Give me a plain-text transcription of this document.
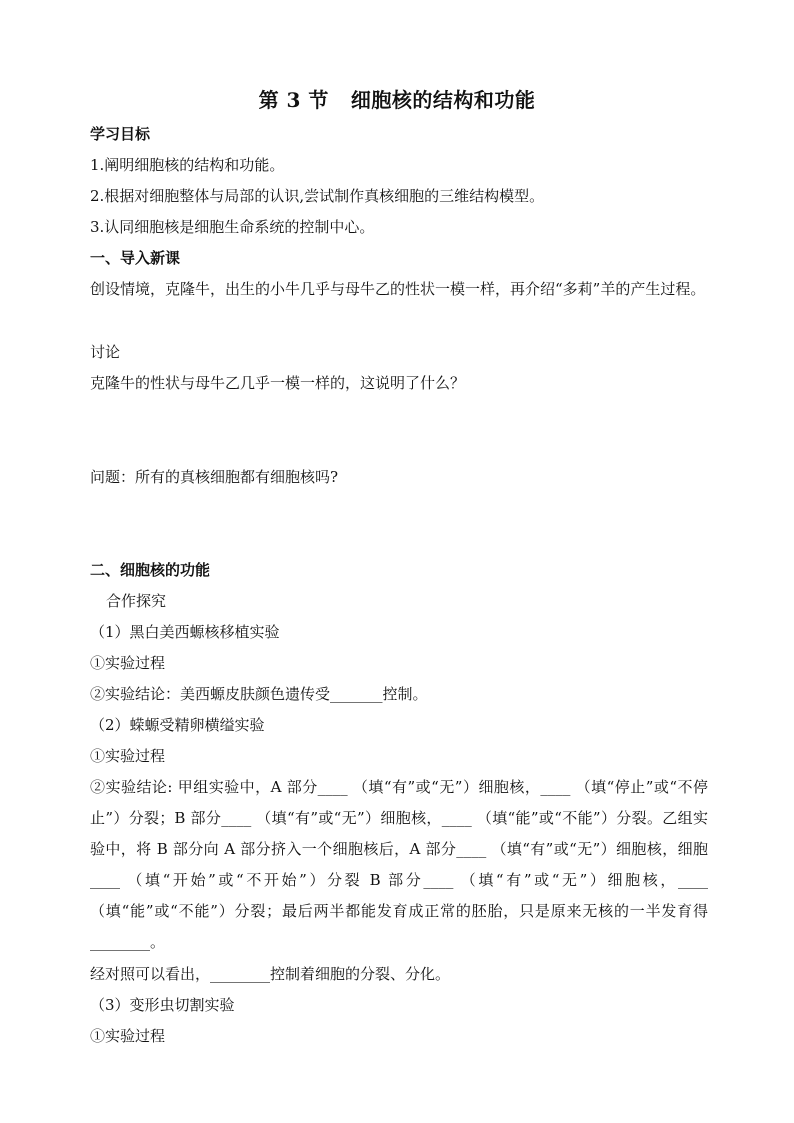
第 3 节 细胞核的结构和功能
学习目标
1.阐明细胞核的结构和功能。
2.根据对细胞整体与局部的认识,尝试制作真核细胞的三维结构模型。
3.认同细胞核是细胞生命系统的控制中心。
一、导入新课
创设情境，克隆牛，出生的小牛几乎与母牛乙的性状一模一样，再介绍“多莉”羊的产生过程。
讨论
克隆牛的性状与母牛乙几乎一模一样的，这说明了什么？
问题：所有的真核细胞都有细胞核吗?
二、细胞核的功能
合作探究
（1）黑白美西螈核移植实验
①实验过程
②实验结论：美西螈皮肤颜色遗传受_______控制。
（2）蝾螈受精卵横缢实验
①实验过程
②实验结论: 甲组实验中，A 部分____ （填“有”或“无”）细胞核，____ （填“停止”或“不停止”）分裂；B 部分____ （填“有”或“无”）细胞核，____ （填“能”或“不能”）分裂。乙组实验中，将 B 部分向 A 部分挤入一个细胞核后，A 部分____ （填“有”或“无”）细胞核，细胞____ （填“开始”或“不开始”）分裂 B 部分____ （填“有”或“无”）细胞核，____（填“能”或“不能”）分裂；最后两半都能发育成正常的胚胎，只是原来无核的一半发育得________。
经对照可以看出，________控制着细胞的分裂、分化。
（3）变形虫切割实验
①实验过程
